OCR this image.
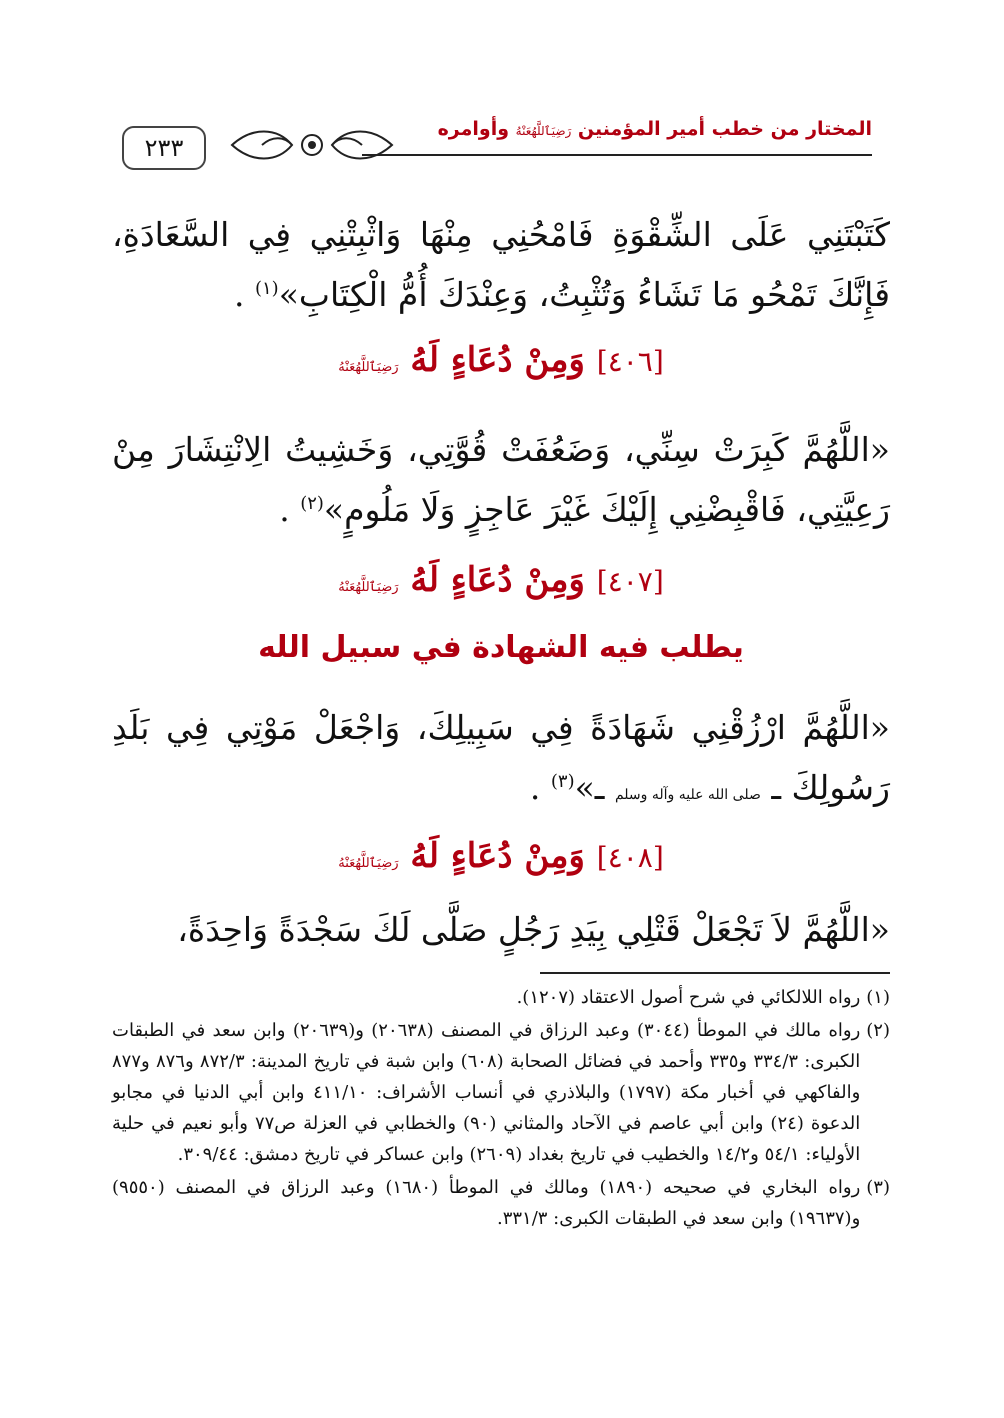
٢٣٣
المختار من خطب أمير المؤمنين رَضِيَٱللَّهُعَنْهُ وأوامره
كَتَبْتَنِي عَلَى الشِّقْوَةِ فَامْحُنِي مِنْهَا وَاثْبِتْنِي فِي السَّعَادَةِ، فَإِنَّكَ تَمْحُو مَا تَشَاءُ وَتُثْبِتُ، وَعِنْدَكَ أُمُّ الْكِتَابِ»$^{(١)}$ .
[٤٠٦] وَمِنْ دُعَاءٍ لَهُ رَضِيَٱللَّهُعَنْهُ
«اللَّهُمَّ كَبِرَتْ سِنِّي، وَضَعُفَتْ قُوَّتِي، وَخَشِيتُ الِانْتِشَارَ مِنْ رَعِيَّتِي، فَاقْبِضْنِي إِلَيْكَ غَيْرَ عَاجِزٍ وَلَا مَلُومٍ»$^{(٢)}$ .
[٤٠٧] وَمِنْ دُعَاءٍ لَهُ رَضِيَٱللَّهُعَنْهُ
يطلب فيه الشهادة في سبيل الله
«اللَّهُمَّ ارْزُقْنِي شَهَادَةً فِي سَبِيلِكَ، وَاجْعَلْ مَوْتِي فِي بَلَدِ رَسُولِكَ ـ صلى الله عليه وآله وسلم ـ»$^{(٣)}$ .
[٤٠٨] وَمِنْ دُعَاءٍ لَهُ رَضِيَٱللَّهُعَنْهُ
«اللَّهُمَّ لاَ تَجْعَلْ قَتْلِي بِيَدِ رَجُلٍ صَلَّى لَكَ سَجْدَةً وَاحِدَةً،
(١)
رواه اللالكائي في شرح أصول الاعتقاد (١٢٠٧).
(٢)
رواه مالك في الموطأ (٣٠٤٤) وعبد الرزاق في المصنف (٢٠٦٣٨) و(٢٠٦٣٩) وابن سعد في الطبقات الكبرى: ٣٣٤/٣ و٣٣٥ وأحمد في فضائل الصحابة (٦٠٨) وابن شبة في تاريخ المدينة: ٨٧٢/٣ و٨٧٦ و٨٧٧ والفاكهي في أخبار مكة (١٧٩٧) والبلاذري في أنساب الأشراف: ٤١١/١٠ وابن أبي الدنيا في مجابو الدعوة (٢٤) وابن أبي عاصم في الآحاد والمثاني (٩٠) والخطابي في العزلة ص٧٧ وأبو نعيم في حلية الأولياء: ٥٤/١ و١٤/٢ والخطيب في تاريخ بغداد (٢٦٠٩) وابن عساكر في تاريخ دمشق: ٣٠٩/٤٤.
(٣)
رواه البخاري في صحيحه (١٨٩٠) ومالك في الموطأ (١٦٨٠) وعبد الرزاق في المصنف (٩٥٥٠) و(١٩٦٣٧) وابن سعد في الطبقات الكبرى: ٣٣١/٣.
